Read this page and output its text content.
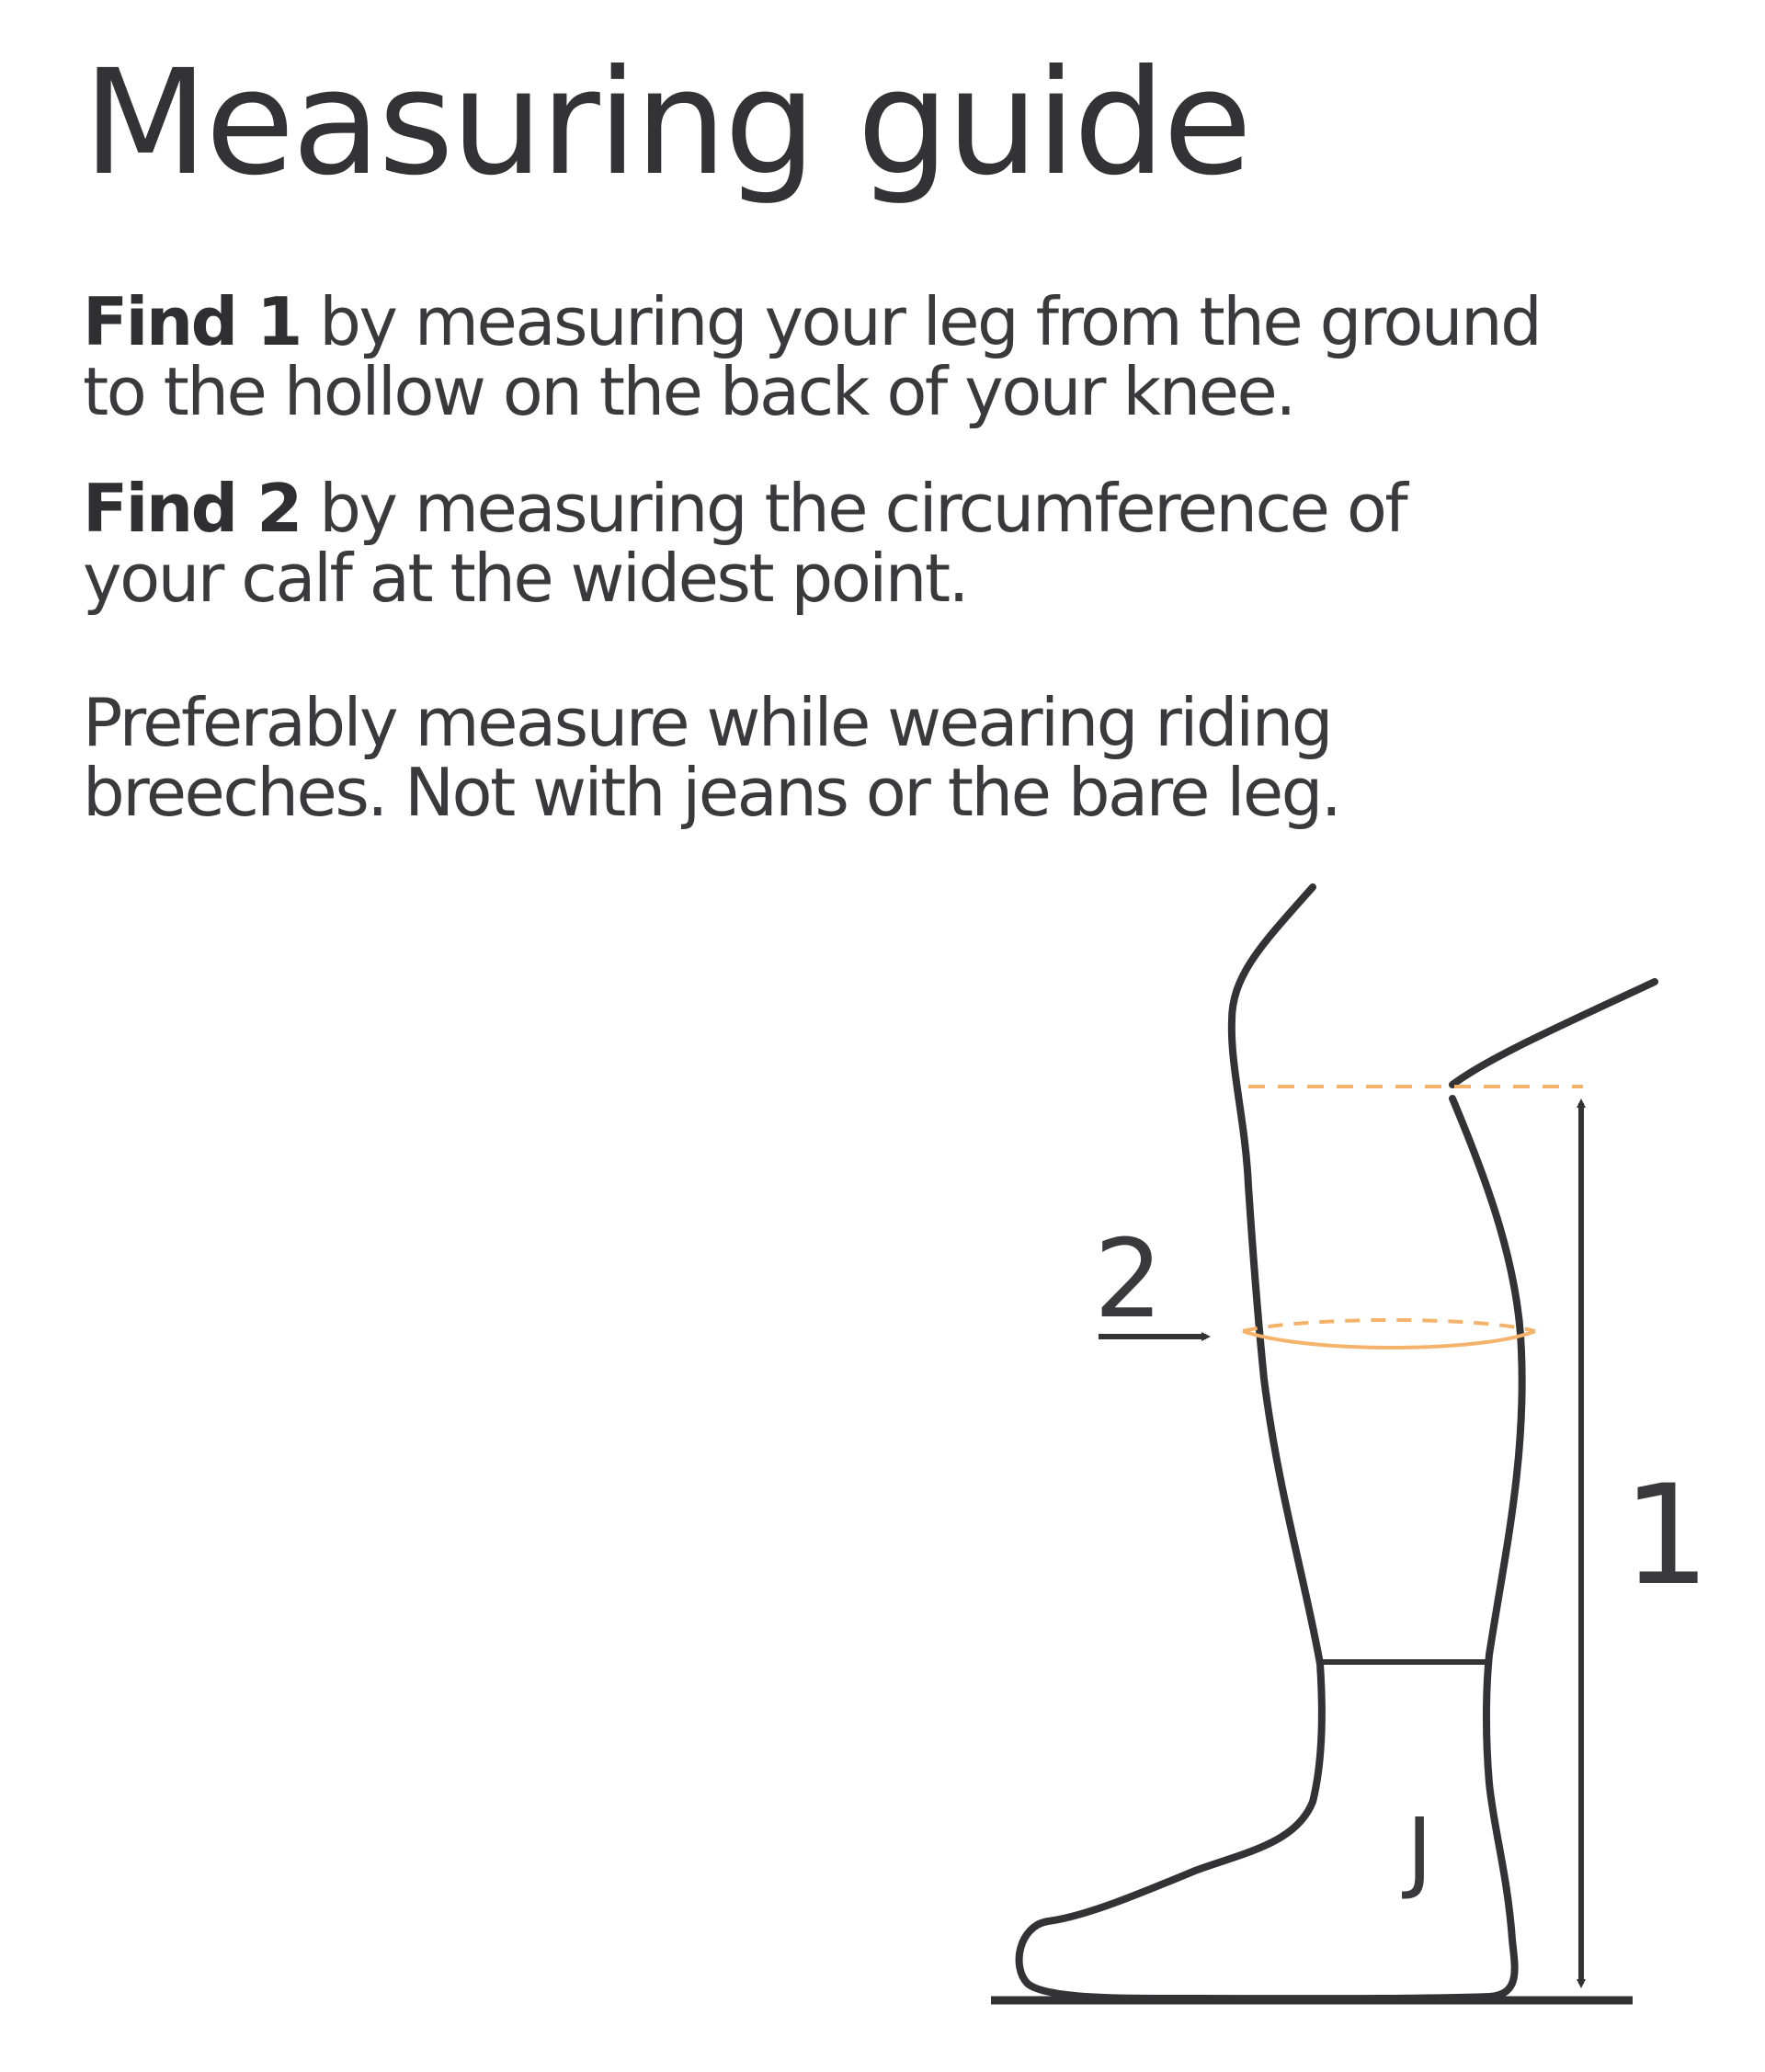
Measuring guide

Find 1 by measuring your leg from the ground
to the hollow on the back of your knee.

Find 2 by measuring the circumference of
your calf at the widest point.

Preferably measure while wearing riding
breeches. Not with jeans or the bare leg.

1
2
J
